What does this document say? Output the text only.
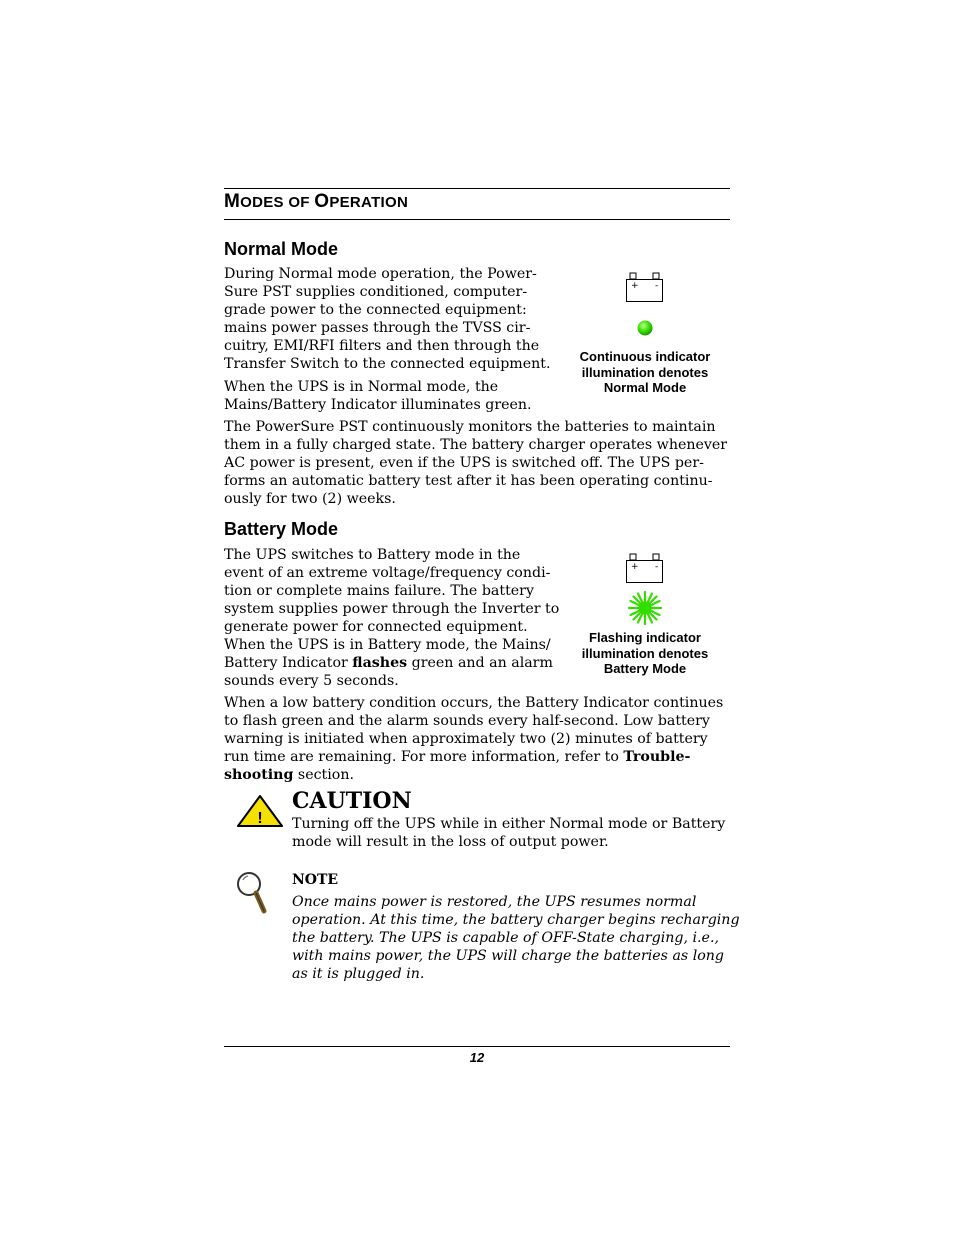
MODES OF OPERATION
Normal Mode
During Normal mode operation, the Power-
Sure PST supplies conditioned, computer-
grade power to the connected equipment:
mains power passes through the TVSS cir-
cuitry, EMI/RFI filters and then through the
Transfer Switch to the connected equipment.
When the UPS is in Normal mode, the
Mains/Battery Indicator illuminates green.
+ -
Continuous indicator
illumination denotes
Normal Mode
The PowerSure PST continuously monitors the batteries to maintain
them in a fully charged state. The battery charger operates whenever
AC power is present, even if the UPS is switched off. The UPS per-
forms an automatic battery test after it has been operating continu-
ously for two (2) weeks.
Battery Mode
The UPS switches to Battery mode in the
event of an extreme voltage/frequency condi-
tion or complete mains failure. The battery
system supplies power through the Inverter to
generate power for connected equipment.
When the UPS is in Battery mode, the Mains/
Battery Indicator flashes green and an alarm
sounds every 5 seconds.
+ -
Flashing indicator
illumination denotes
Battery Mode
When a low battery condition occurs, the Battery Indicator continues
to flash green and the alarm sounds every half-second. Low battery
warning is initiated when approximately two (2) minutes of battery
run time are remaining. For more information, refer to Trouble-
shooting section.
!
CAUTION
Turning off the UPS while in either Normal mode or Battery
mode will result in the loss of output power.
NOTE
Once mains power is restored, the UPS resumes normal
operation. At this time, the battery charger begins recharging
the battery. The UPS is capable of OFF-State charging, i.e.,
with mains power, the UPS will charge the batteries as long
as it is plugged in.
12
